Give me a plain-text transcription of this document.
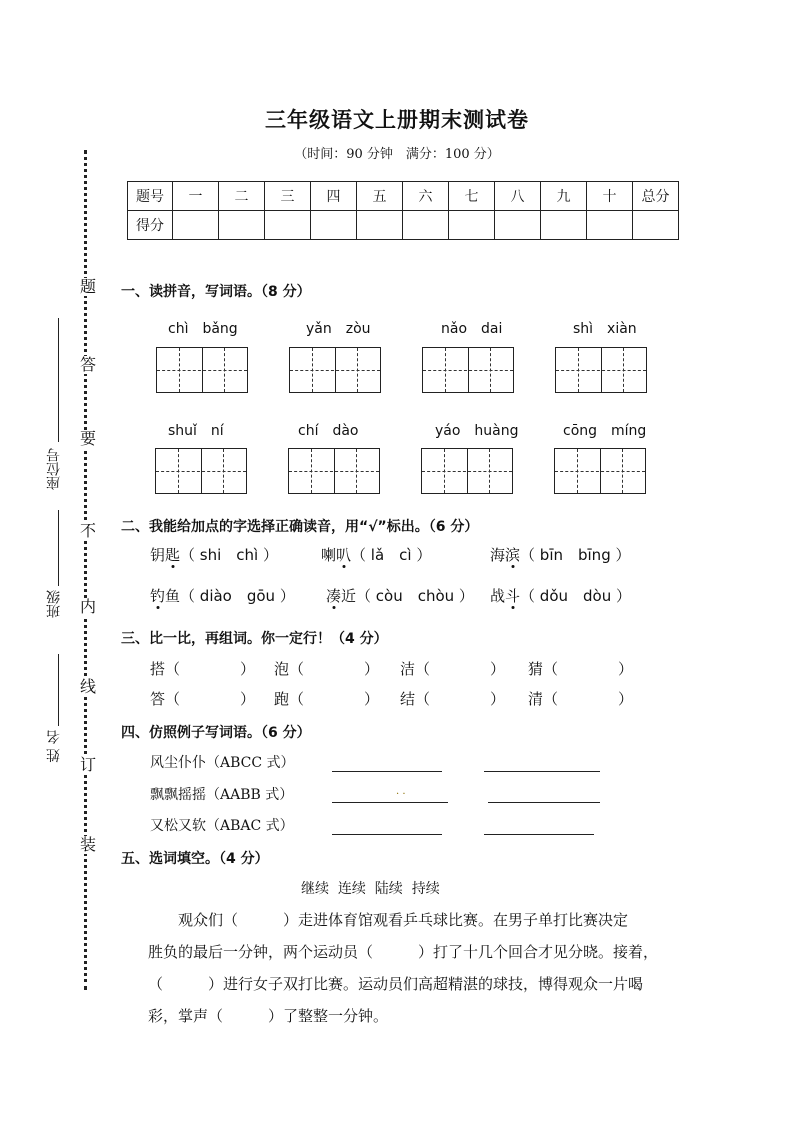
题
答
要
不
内
线
订
装
座位号
班级
姓 名
三年级语文上册期末测试卷
（时间：90 分钟　满分：100 分）
题号	一	二	三	四	五	六	七	八	九	十	总分
得分											
一、读拼音，写词语。（8 分）
chì　bǎng	yǎn　zòu	nǎo　dai	shì　xiàn
shuǐ　ní	chí　dào	yáo　huàng	cōng　míng
二、我能给加点的字选择正确读音，用“√”标出。（6 分）
钥匙（ shi　chì ）	喇叭（ lǎ　cì ）	海滨（ bīn　bīng ）
钓鱼（ diào　gōu ） 凑近（ còu　chòu ） 战斗（ dǒu　dòu ）
三、比一比，再组词。你一定行！（4 分）
搭（　　　　） 泡（　　　　） 洁（　　　　） 猜（　　　　）
答（　　　　） 跑（　　　　） 结（　　　　） 清（　　　　）
四、仿照例子写词语。（6 分）
风尘仆仆（ABCC 式）
飘飘摇摇（AABB 式）	. .
又松又软（ABAC 式）
五、选词填空。（4 分）
继续  连续  陆续  持续
　　观众们（　　　）走进体育馆观看乒乓球比赛。在男子单打比赛决定
胜负的最后一分钟，两个运动员（　　　）打了十几个回合才见分晓。接着，
（　　　）进行女子双打比赛。运动员们高超精湛的球技，博得观众一片喝
彩，掌声（　　　）了整整一分钟。
